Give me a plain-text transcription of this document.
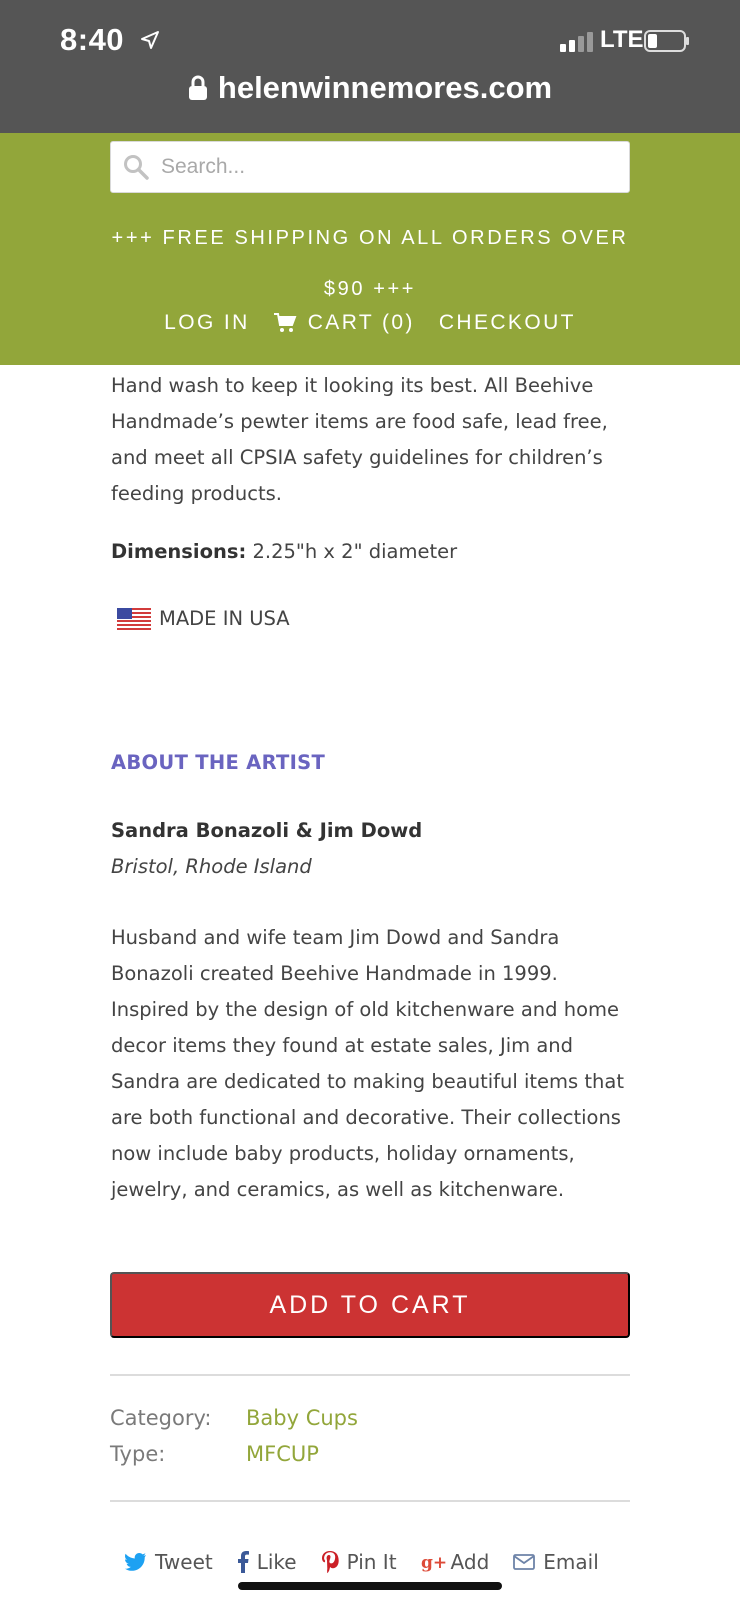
8:40	LTE
helenwinnemores.com
Search...
+++ FREE SHIPPING ON ALL ORDERS OVER
$90 +++
LOG IN	CART (0) CHECKOUT

Hand wash to keep it looking its best. All Beehive Handmade’s pewter items are food safe, lead free, and meet all CPSIA safety guidelines for children’s feeding products.

Dimensions: 2.25"h x 2" diameter

MADE IN USA
ABOUT THE ARTIST

Sandra Bonazoli & Jim Dowd

Bristol, Rhode Island

Husband and wife team Jim Dowd and Sandra Bonazoli created Beehive Handmade in 1999. Inspired by the design of old kitchenware and home decor items they found at estate sales, Jim and Sandra are dedicated to making beautiful items that are both functional and decorative. Their collections now include baby products, holiday ornaments, jewelry, and ceramics, as well as kitchenware.

ADD TO CART
Category: Baby Cups
Type:	MFCUP
Tweet Like	Pin It g+ Add	Email
